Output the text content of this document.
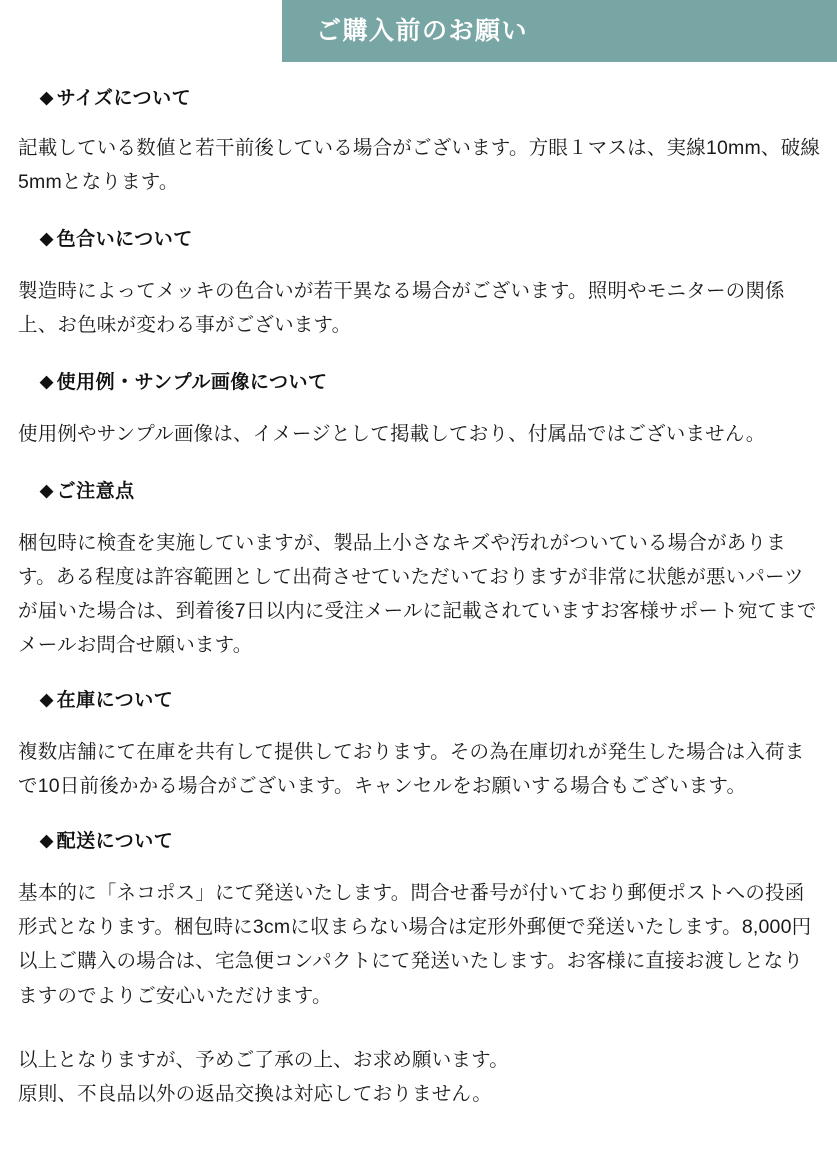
ご購入前のお願い
◆ サイズについて

記載している数値と若干前後している場合がございます。方眼１マスは、実線10mm、破線5mmとなります。

◆ 色合いについて

製造時によってメッキの色合いが若干異なる場合がございます。照明やモニターの関係上、お色味が変わる事がございます。

◆ 使用例・サンプル画像について

使用例やサンプル画像は、イメージとして掲載しており、付属品ではございません。

◆ ご注意点

梱包時に検査を実施していますが、製品上小さなキズや汚れがついている場合があります。ある程度は許容範囲として出荷させていただいておりますが非常に状態が悪いパーツが届いた場合は、到着後7日以内に受注メールに記載されていますお客様サポート宛てまでメールお問合せ願います。

◆ 在庫について

複数店舗にて在庫を共有して提供しております。その為在庫切れが発生した場合は入荷まで10日前後かかる場合がございます。キャンセルをお願いする場合もございます。

◆ 配送について

基本的に「ネコポス」にて発送いたします。問合せ番号が付いており郵便ポストへの投函形式となります。梱包時に3cmに収まらない場合は定形外郵便で発送いたします。8,000円以上ご購入の場合は、宅急便コンパクトにて発送いたします。お客様に直接お渡しとなりますのでよりご安心いただけます。

以上となりますが、予めご了承の上、お求め願います。
原則、不良品以外の返品交換は対応しておりません。
